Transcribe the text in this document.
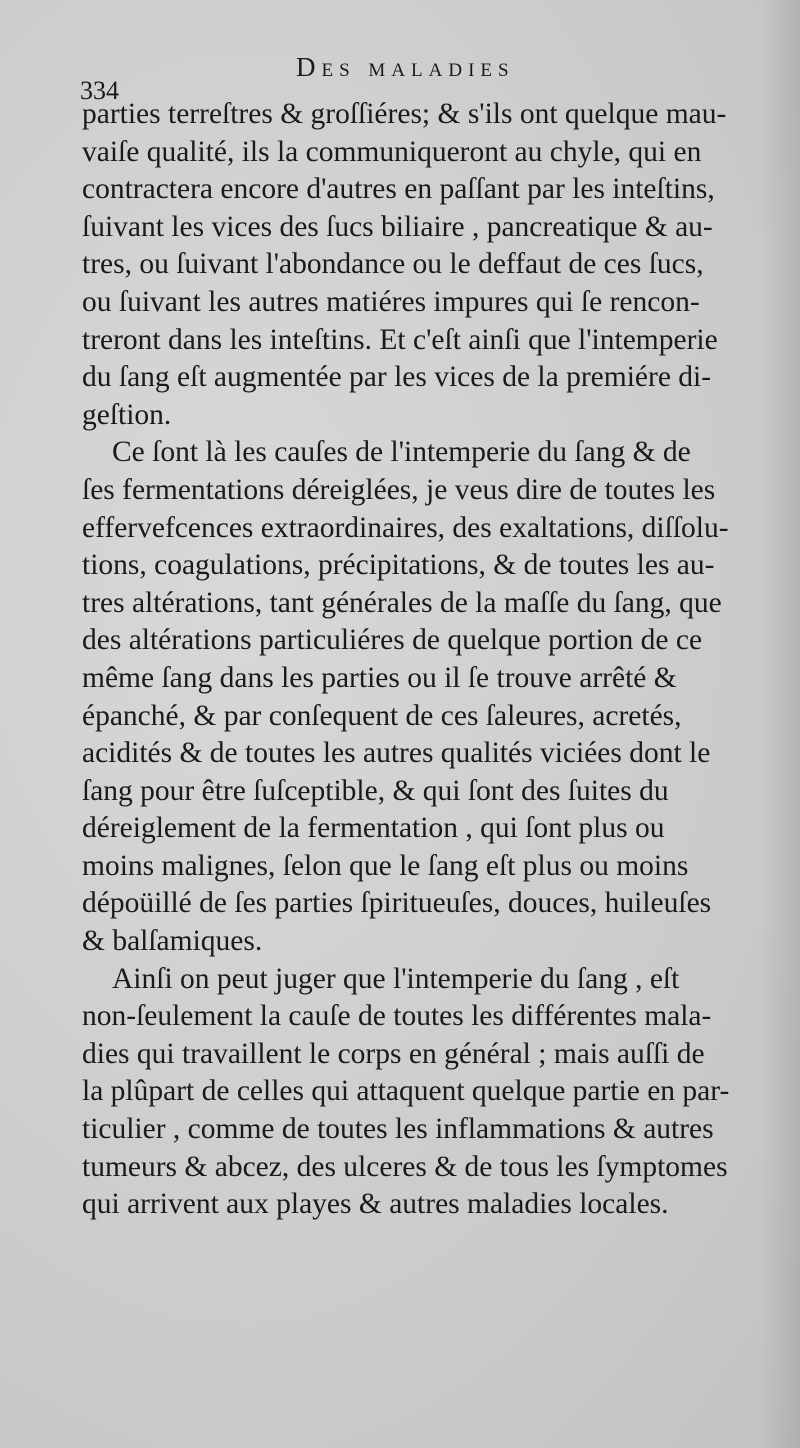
334
Des maladies
parties terreſtres & groſſiéres; & s'ils ont quelque mau-
vaiſe qualité, ils la communiqueront au chyle, qui en
contractera encore d'autres en paſſant par les inteſtins,
ſuivant les vices des ſucs biliaire , pancreatique & au-
tres, ou ſuivant l'abondance ou le deffaut de ces ſucs,
ou ſuivant les autres matiéres impures qui ſe rencon-
treront dans les inteſtins. Et c'eſt ainſi que l'intemperie
du ſang eſt augmentée par les vices de la premiére di-
geſtion.
Ce ſont là les cauſes de l'intemperie du ſang & de
ſes fermentations déreiglées, je veus dire de toutes les
effervefcences extraordinaires, des exaltations, diſſolu-
tions, coagulations, précipitations, & de toutes les au-
tres altérations, tant générales de la maſſe du ſang, que
des altérations particuliéres de quelque portion de ce
même ſang dans les parties ou il ſe trouve arrêté &
épanché, & par conſequent de ces ſaleures, acretés,
acidités & de toutes les autres qualités viciées dont le
ſang pour être ſuſceptible, & qui ſont des ſuites du
déreiglement de la fermentation , qui ſont plus ou
moins malignes, ſelon que le ſang eſt plus ou moins
dépoüillé de ſes parties ſpiritueuſes, douces, huileuſes
& balſamiques.
Ainſi on peut juger que l'intemperie du ſang , eſt
non-ſeulement la cauſe de toutes les différentes mala-
dies qui travaillent le corps en général ; mais auſſi de
la plûpart de celles qui attaquent quelque partie en par-
ticulier , comme de toutes les inflammations & autres
tumeurs & abcez, des ulceres & de tous les ſymptomes
qui arrivent aux playes & autres maladies locales.
